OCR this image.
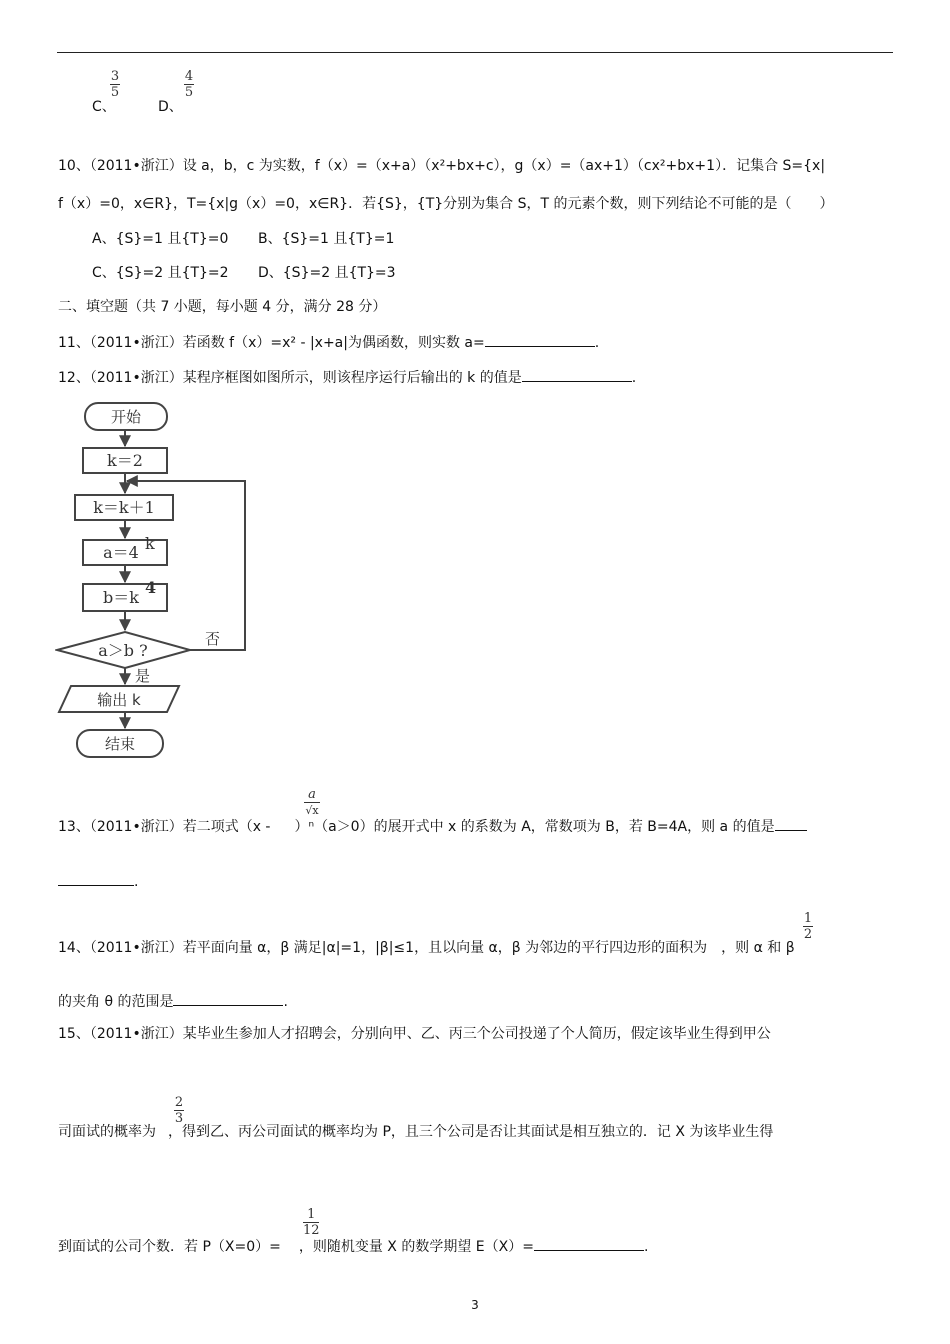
C、
$\frac{3}{5}$
D、
$\frac{4}{5}$
10、（2011•浙江）设 a，b，c 为实数，f（x）=（x+a）（x²+bx+c），g（x）=（ax+1）（cx²+bx+1）．记集合 S={x|
f（x）=0，x∈R}，T={x|g（x）=0，x∈R}．若{S}，{T}分别为集合 S，T 的元素个数，则下列结论不可能的是（　　）
A、{S}=1 且{T}=0 B、{S}=1 且{T}=1
C、{S}=2 且{T}=2 D、{S}=2 且{T}=3
二、填空题（共 7 小题，每小题 4 分，满分 28 分）
11、（2011•浙江）若函数 f（x）=x² - |x+a|为偶函数，则实数 a=	.
12、（2011•浙江）某程序框图如图所示，则该程序运行后输出的 k 的值是	.
开始
k＝2
k＝k＋1
a＝4 k
b＝k
4
a＞b ?
否
是
输出 k
结束
$\frac{a}{√x}$
13、（2011•浙江）若二项式（x - ）ⁿ（a＞0）的展开式中 x 的系数为 A，常数项为 B，若 B=4A，则 a 的值是
.
$\frac{1}{2}$
14、（2011•浙江）若平面向量 α，β 满足|α|=1，|β|≤1，且以向量 α，β 为邻边的平行四边形的面积为 ，则 α 和 β
的夹角 θ 的范围是	.
15、（2011•浙江）某毕业生参加人才招聘会，分别向甲、乙、丙三个公司投递了个人简历，假定该毕业生得到甲公
$\frac{2}{3}$
司面试的概率为 ，得到乙、丙公司面试的概率均为 P，且三个公司是否让其面试是相互独立的．记 X 为该毕业生得
$\frac{1}{12}$
到面试的公司个数．若 P（X=0）= ，则随机变量 X 的数学期望 E（X）=	.
3
